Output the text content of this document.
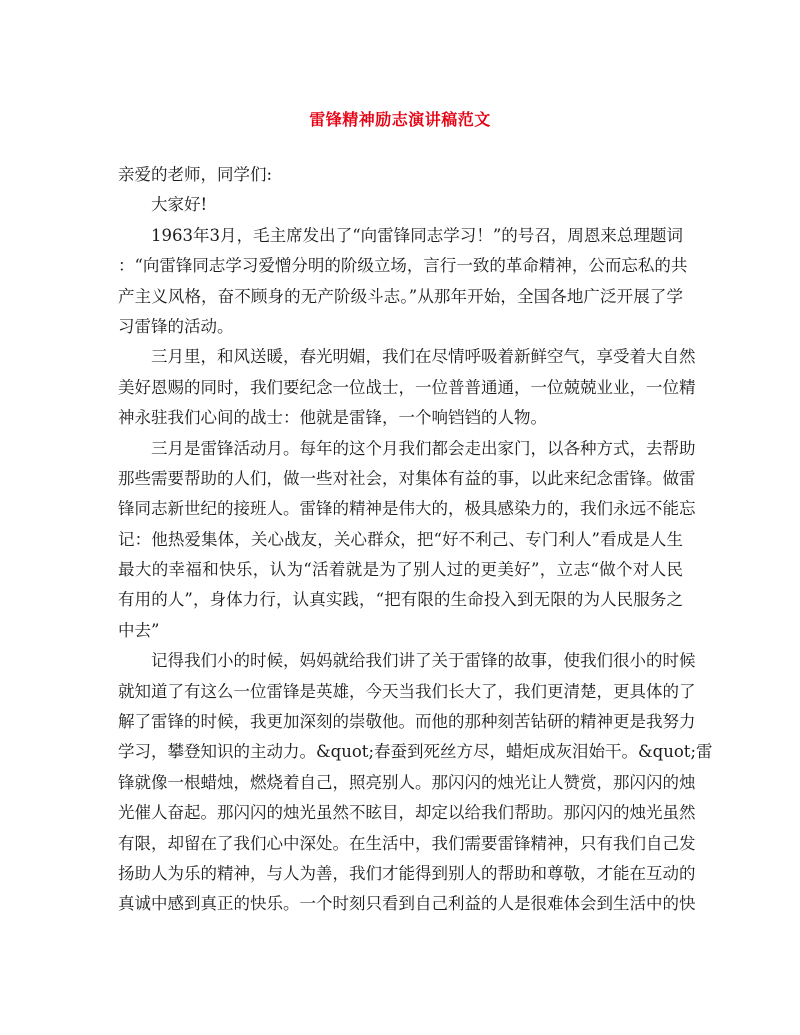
雷锋精神励志演讲稿范文
亲爱的老师，同学们:
大家好!
1963年3月，毛主席发出了“向雷锋同志学习！”的号召，周恩来总理题词
：“向雷锋同志学习爱憎分明的阶级立场，言行一致的革命精神，公而忘私的共
产主义风格，奋不顾身的无产阶级斗志。”从那年开始，全国各地广泛开展了学
习雷锋的活动。
三月里，和风送暖，春光明媚，我们在尽情呼吸着新鲜空气，享受着大自然
美好恩赐的同时，我们要纪念一位战士，一位普普通通，一位兢兢业业，一位精
神永驻我们心间的战士：他就是雷锋，一个响铛铛的人物。
三月是雷锋活动月。每年的这个月我们都会走出家门，以各种方式，去帮助
那些需要帮助的人们，做一些对社会，对集体有益的事，以此来纪念雷锋。做雷
锋同志新世纪的接班人。雷锋的精神是伟大的，极具感染力的，我们永远不能忘
记：他热爱集体，关心战友，关心群众，把“好不利己、专门利人”看成是人生
最大的幸福和快乐，认为“活着就是为了别人过的更美好”，立志“做个对人民
有用的人”，身体力行，认真实践，“把有限的生命投入到无限的为人民服务之
中去”
记得我们小的时候，妈妈就给我们讲了关于雷锋的故事，使我们很小的时候
就知道了有这么一位雷锋是英雄，今天当我们长大了，我们更清楚，更具体的了
解了雷锋的时候，我更加深刻的崇敬他。而他的那种刻苦钻研的精神更是我努力
学习，攀登知识的主动力。&quot;春蚕到死丝方尽，蜡炬成灰泪始干。&quot;雷
锋就像一根蜡烛，燃烧着自己，照亮别人。那闪闪的烛光让人赞赏，那闪闪的烛
光催人奋起。那闪闪的烛光虽然不眩目，却定以给我们帮助。那闪闪的烛光虽然
有限，却留在了我们心中深处。在生活中，我们需要雷锋精神，只有我们自己发
扬助人为乐的精神，与人为善，我们才能得到别人的帮助和尊敬，才能在互动的
真诚中感到真正的快乐。一个时刻只看到自己利益的人是很难体会到生活中的快
